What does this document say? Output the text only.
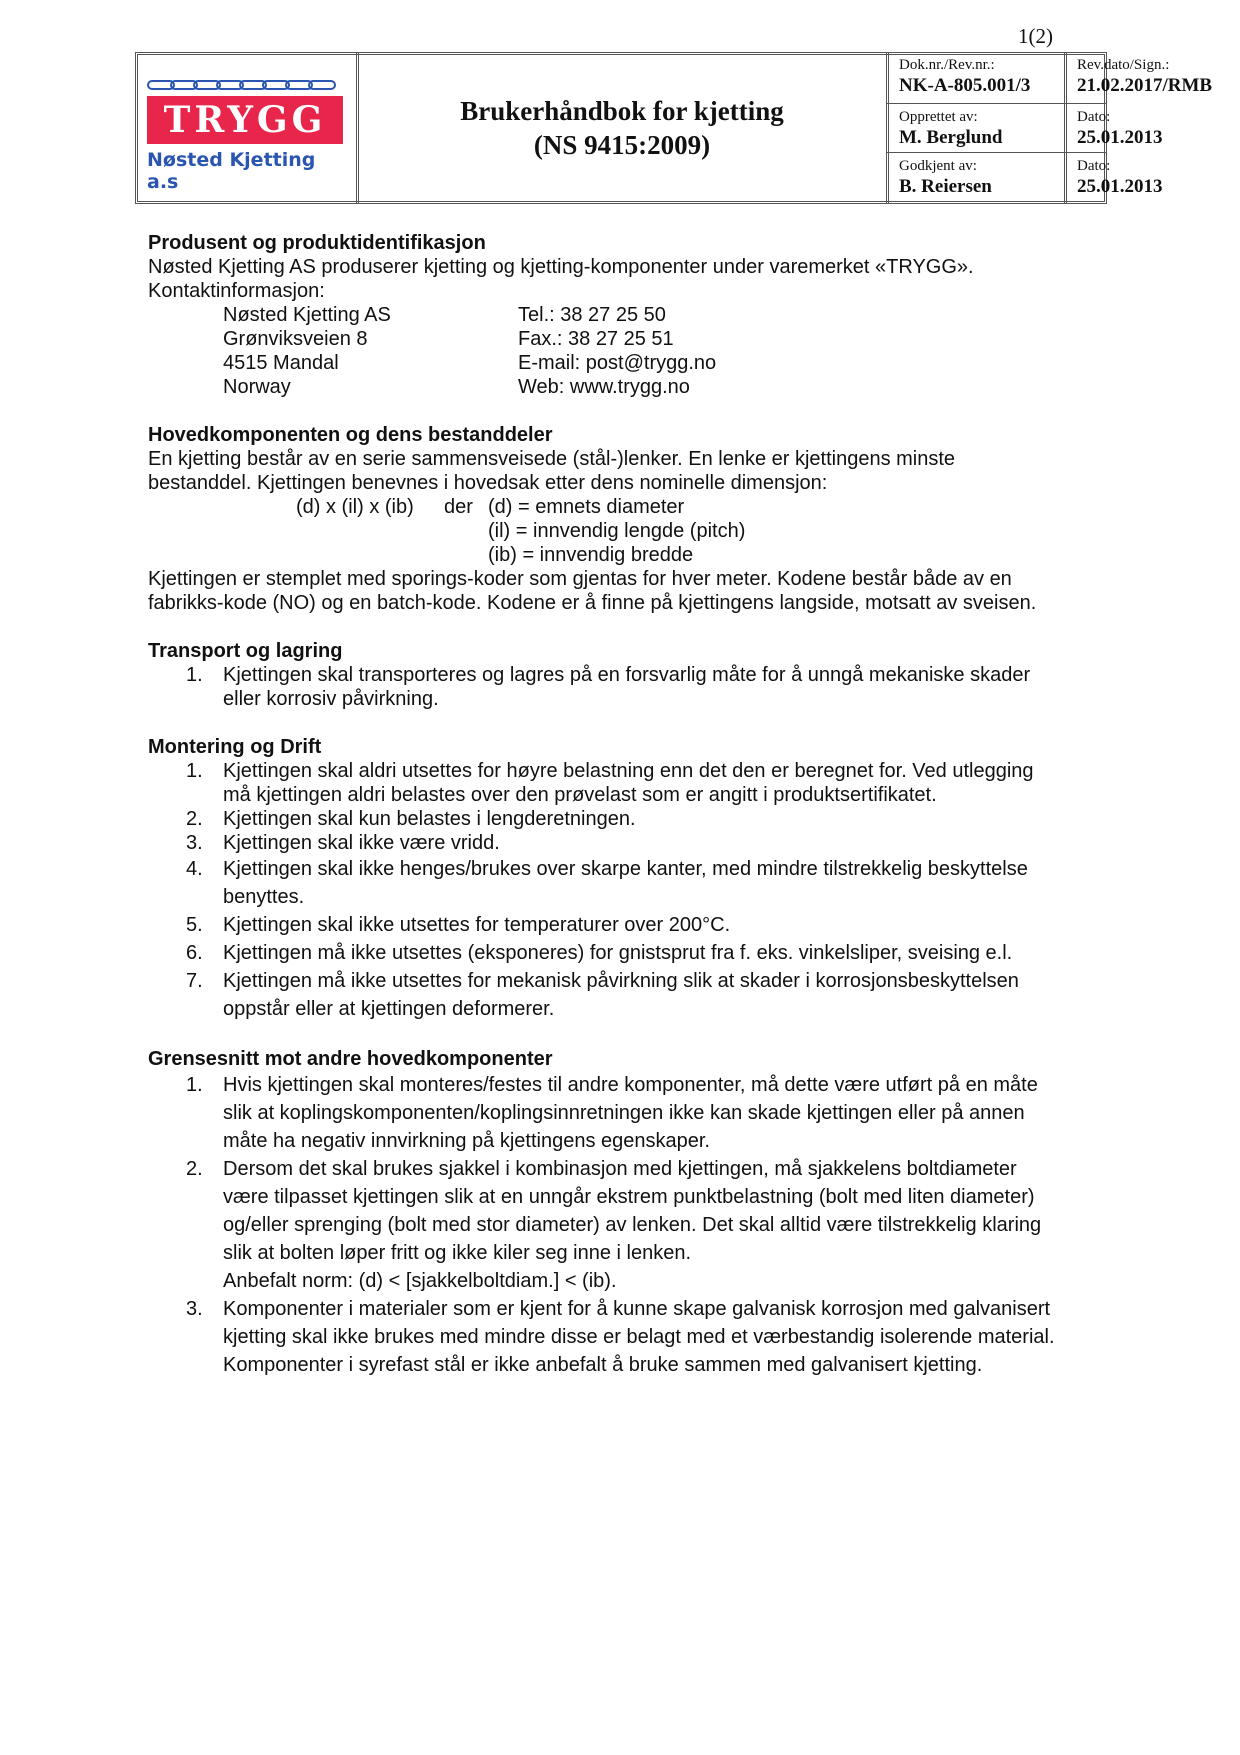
1(2)
TRYGG
Nøsted Kjetting a.s
Brukerhåndbok for kjetting
(NS 9415:2009)
Dok.nr./Rev.nr.:
NK-A-805.001/3
Rev.dato/Sign.:
21.02.2017/RMB
Opprettet av:
M. Berglund
Dato:
25.01.2013
Godkjent av:
B. Reiersen
Dato:
25.01.2013
Produsent og produktidentifikasjon
Nøsted Kjetting AS produserer kjetting og kjetting-komponenter under varemerket «TRYGG».
Kontaktinformasjon:
Nøsted Kjetting AS	Tel.: 38 27 25 50
Grønviksveien 8	Fax.: 38 27 25 51
4515 Mandal	E-mail: post@trygg.no
Norway	Web: www.trygg.no
Hovedkomponenten og dens bestanddeler
En kjetting består av en serie sammensveisede (stål-)lenker. En lenke er kjettingens minste
bestanddel. Kjettingen benevnes i hovedsak etter dens nominelle dimensjon:
(d) x (il) x (ib)	der (d) = emnets diameter
(il) = innvendig lengde (pitch)
(ib) = innvendig bredde
Kjettingen er stemplet med sporings-koder som gjentas for hver meter. Kodene består både av en
fabrikks-kode (NO) og en batch-kode. Kodene er å finne på kjettingens langside, motsatt av sveisen.
Transport og lagring
1.	Kjettingen skal transporteres og lagres på en forsvarlig måte for å unngå mekaniske skader
eller korrosiv påvirkning.
Montering og Drift
1.	Kjettingen skal aldri utsettes for høyre belastning enn det den er beregnet for. Ved utlegging
må kjettingen aldri belastes over den prøvelast som er angitt i produktsertifikatet.
2.	Kjettingen skal kun belastes i lengderetningen.
3.	Kjettingen skal ikke være vridd.
4.	Kjettingen skal ikke henges/brukes over skarpe kanter, med mindre tilstrekkelig beskyttelse
benyttes.
5.	Kjettingen skal ikke utsettes for temperaturer over 200°C.
6.	Kjettingen må ikke utsettes (eksponeres) for gnistsprut fra f. eks. vinkelsliper, sveising e.l.
7.	Kjettingen må ikke utsettes for mekanisk påvirkning slik at skader i korrosjonsbeskyttelsen
oppstår eller at kjettingen deformerer.
Grensesnitt mot andre hovedkomponenter
1.	Hvis kjettingen skal monteres/festes til andre komponenter, må dette være utført på en måte
slik at koplingskomponenten/koplingsinnretningen ikke kan skade kjettingen eller på annen
måte ha negativ innvirkning på kjettingens egenskaper.
2.	Dersom det skal brukes sjakkel i kombinasjon med kjettingen, må sjakkelens boltdiameter
være tilpasset kjettingen slik at en unngår ekstrem punktbelastning (bolt med liten diameter)
og/eller sprenging (bolt med stor diameter) av lenken. Det skal alltid være tilstrekkelig klaring
slik at bolten løper fritt og ikke kiler seg inne i lenken.
Anbefalt norm: (d) < [sjakkelboltdiam.] < (ib).
3.	Komponenter i materialer som er kjent for å kunne skape galvanisk korrosjon med galvanisert
kjetting skal ikke brukes med mindre disse er belagt med et værbestandig isolerende material.
Komponenter i syrefast stål er ikke anbefalt å bruke sammen med galvanisert kjetting.
